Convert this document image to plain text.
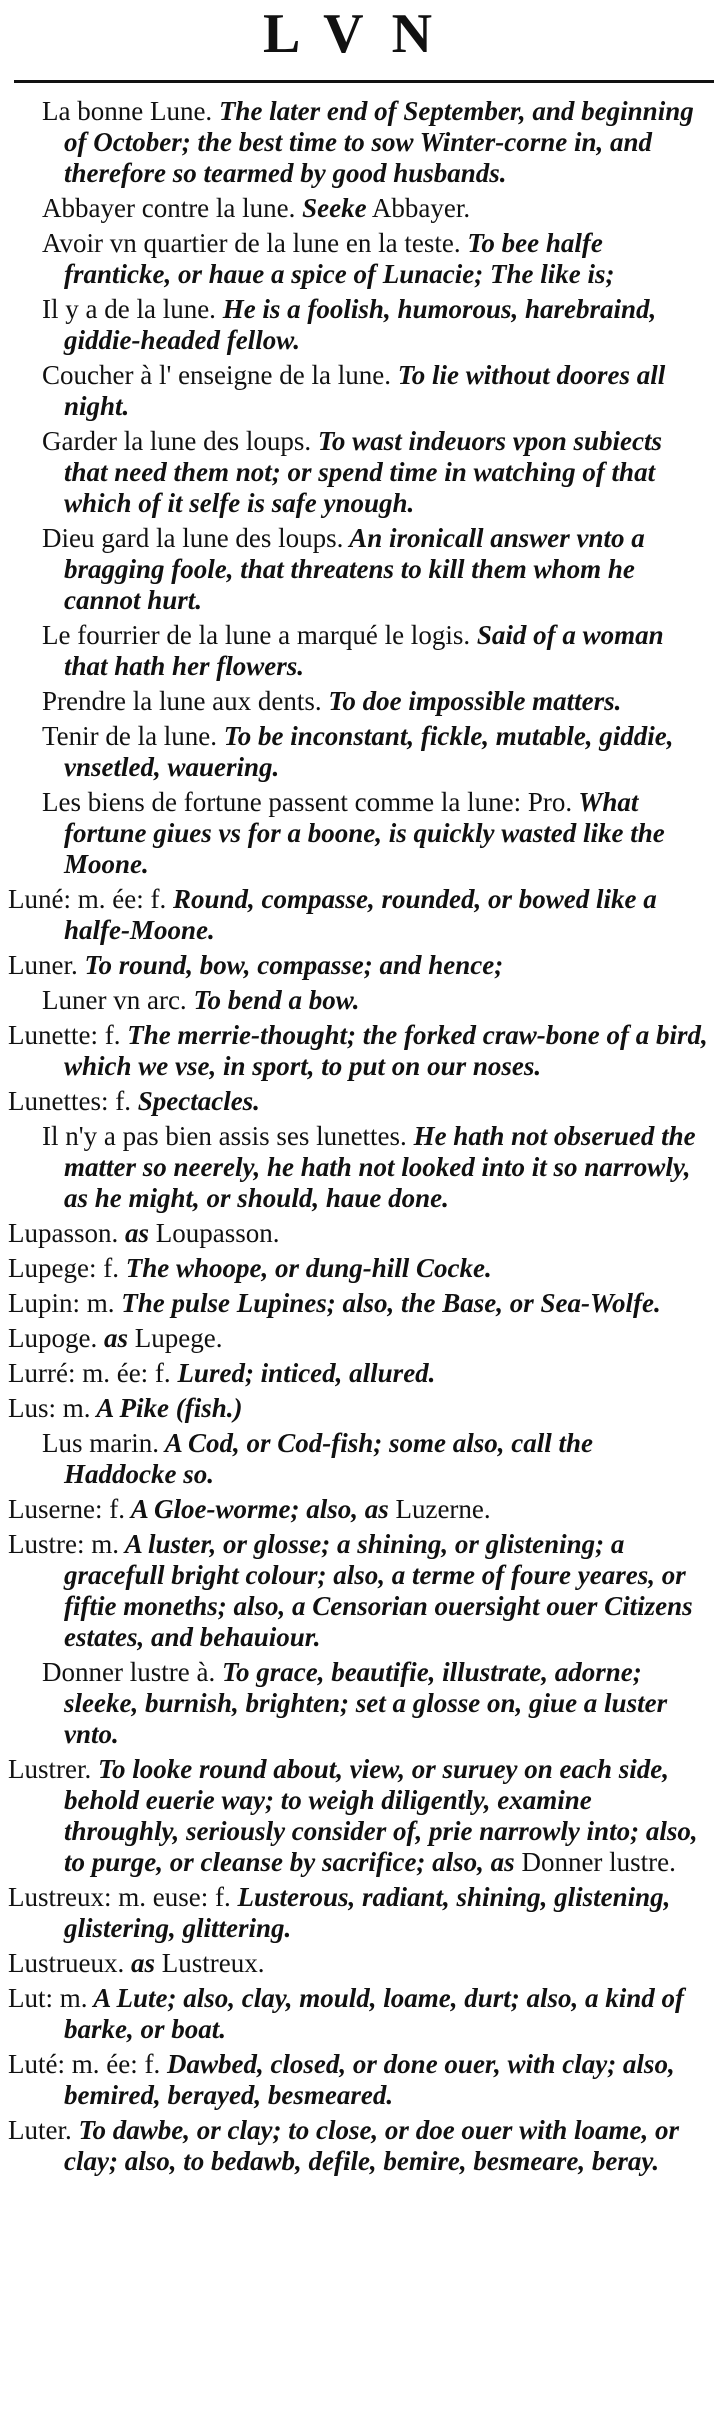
LVN
La bonne Lune. The later end of September, and beginning of October; the best time to sow Winter-corne in, and therefore so tearmed by good husbands.
Abbayer contre la lune. Seeke Abbayer.
Avoir vn quartier de la lune en la teste. To bee halfe franticke, or haue a spice of Lunacie; The like is;
Il y a de la lune. He is a foolish, humorous, harebraind, giddie-headed fellow.
Coucher à l' enseigne de la lune. To lie without doores all night.
Garder la lune des loups. To wast indeuors vpon subiects that need them not; or spend time in watching of that which of it selfe is safe ynough.
Dieu gard la lune des loups. An ironicall answer vnto a bragging foole, that threatens to kill them whom he cannot hurt.
Le fourrier de la lune a marqué le logis. Said of a woman that hath her flowers.
Prendre la lune aux dents. To doe impossible matters.
Tenir de la lune. To be inconstant, fickle, mutable, giddie, vnsetled, wauering.
Les biens de fortune passent comme la lune: Pro. What fortune giues vs for a boone, is quickly wasted like the Moone.
Luné: m. ée: f. Round, compasse, rounded, or bowed like a halfe-Moone.
Luner. To round, bow, compasse; and hence;
Luner vn arc. To bend a bow.
Lunette: f. The merrie-thought; the forked craw-bone of a bird, which we vse, in sport, to put on our noses.
Lunettes: f. Spectacles.
Il n'y a pas bien assis ses lunettes. He hath not obserued the matter so neerely, he hath not looked into it so narrowly, as he might, or should, haue done.
Lupasson. as Loupasson.
Lupege: f. The whoope, or dung-hill Cocke.
Lupin: m. The pulse Lupines; also, the Base, or Sea-Wolfe.
Lupoge. as Lupege.
Lurré: m. ée: f. Lured; inticed, allured.
Lus: m. A Pike (fish.)
Lus marin. A Cod, or Cod-fish; some also, call the Haddocke so.
Luserne: f. A Gloe-worme; also, as Luzerne.
Lustre: m. A luster, or glosse; a shining, or glistening; a gracefull bright colour; also, a terme of foure yeares, or fiftie moneths; also, a Censorian ouersight ouer Citizens estates, and behauiour.
Donner lustre à. To grace, beautifie, illustrate, adorne; sleeke, burnish, brighten; set a glosse on, giue a luster vnto.
Lustrer. To looke round about, view, or suruey on each side, behold euerie way; to weigh diligently, examine throughly, seriously consider of, prie narrowly into; also, to purge, or cleanse by sacrifice; also, as Donner lustre.
Lustreux: m. euse: f. Lusterous, radiant, shining, glistening, glistering, glittering.
Lustrueux. as Lustreux.
Lut: m. A Lute; also, clay, mould, loame, durt; also, a kind of barke, or boat.
Luté: m. ée: f. Dawbed, closed, or done ouer, with clay; also, bemired, berayed, besmeared.
Luter. To dawbe, or clay; to close, or doe ouer with loame, or clay; also, to bedawb, defile, bemire, besmeare, beray.
